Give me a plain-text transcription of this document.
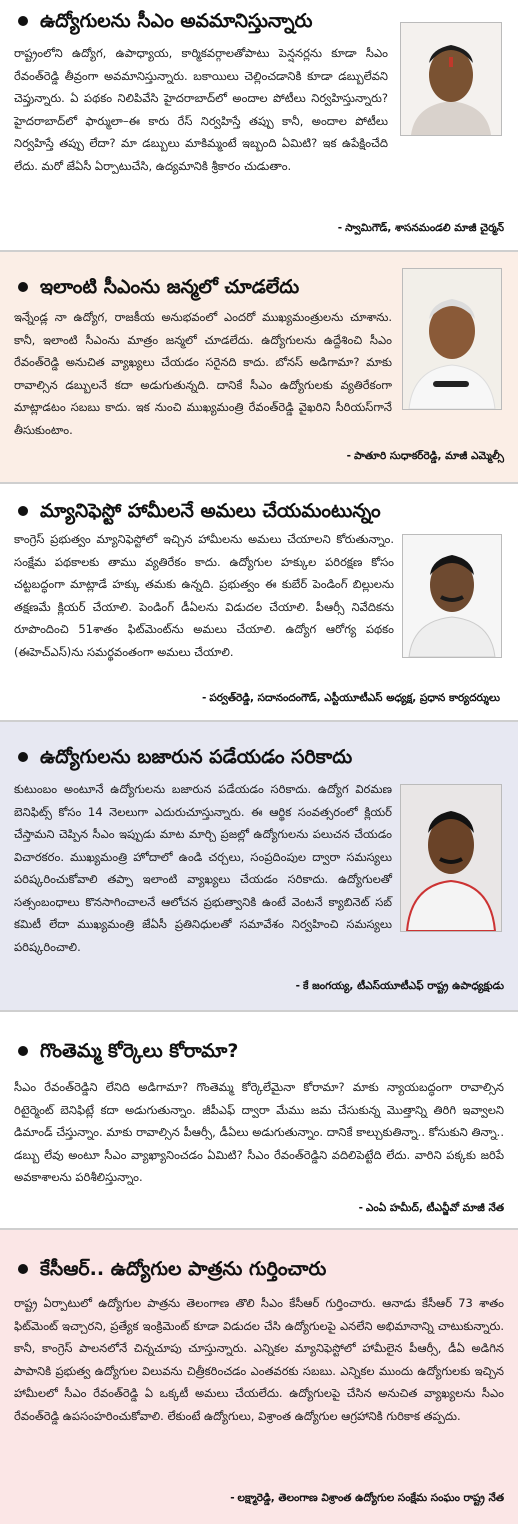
ఉద్యోగులను సీఎం అవమానిస్తున్నారు
రాష్ట్రంలోని ఉద్యోగ, ఉపాధ్యాయ, కార్మికవర్గాలతోపాటు పెన్షనర్లను కూడా సీఎం రేవంత్‌రెడ్డి తీవ్రంగా అవమానిస్తున్నారు. బకాయిలు చెల్లించడానికి కూడా డబ్బులేవని చెప్తున్నారు. ఏ పథకం నిలిపివేసి హైదరాబాద్‌లో అందాల పోటీలు నిర్వహిస్తున్నారు? హైదరాబాద్‌లో ఫార్ములా–ఈ కారు రేస్ నిర్వహిస్తే తప్పు కానీ, అందాల పోటీలు నిర్వహిస్తే తప్పు లేదా? మా డబ్బులు మాకిమ్మంటే ఇబ్బంది ఏమిటి? ఇక ఉపేక్షించేది లేదు. మరో జేఏసీ ఏర్పాటుచేసి, ఉద్యమానికి శ్రీకారం చుడుతాం.
- స్వామిగౌడ్, శాసనమండలి మాజీ చైర్మన్
ఇలాంటి సీఎంను జన్మలో చూడలేదు
ఇన్నేండ్ల నా ఉద్యోగ, రాజకీయ అనుభవంలో ఎందరో ముఖ్యమంత్రులను చూశాను. కానీ, ఇలాంటి సీఎంను మాత్రం జన్మలో చూడలేదు. ఉద్యోగులను ఉద్దేశించి సీఎం రేవంత్‌రెడ్డి అనుచిత వ్యాఖ్యలు చేయడం సరైనది కాదు. బోనస్ అడిగామా? మాకు రావాల్సిన డబ్బులనే కదా అడుగుతున్నది. దానికే సీఎం ఉద్యోగులకు వ్యతిరేకంగా మాట్లాడటం సబబు కాదు. ఇక నుంచి ముఖ్యమంత్రి రేవంత్‌రెడ్డి వైఖరిని సీరియస్‌గానే తీసుకుంటాం.
- పాతూరి సుధాకర్‌రెడ్డి, మాజీ ఎమ్మెల్సీ
మ్యానిఫెస్టో హామీలనే అమలు చేయమంటున్నం
కాంగ్రెస్ ప్రభుత్వం మ్యానిఫెస్టోలో ఇచ్చిన హామీలను అమలు చేయాలని కోరుతున్నాం. సంక్షేమ పథకాలకు తాము వ్యతిరేకం కాదు. ఉద్యోగుల హక్కుల పరిరక్షణ కోసం చట్టబద్ధంగా మాట్లాడే హక్కు తమకు ఉన్నది. ప్రభుత్వం ఈ కుబేర్ పెండింగ్ బిల్లులను తక్షణమే క్లియర్ చేయాలి. పెండింగ్ డీఏలను విడుదల చేయాలి. పీఆర్సీ నివేదికను రూపొందించి 51శాతం ఫిట్‌మెంట్‌ను అమలు చేయాలి. ఉద్యోగ ఆరోగ్య పథకం (ఈహెచ్‌ఎస్)ను సమర్థవంతంగా అమలు చేయాలి.
- పర్వత్‌రెడ్డి, సదానందంగౌడ్, ఎస్టీయూటీఎస్ అధ్యక్ష, ప్రధాన కార్యదర్శులు
ఉద్యోగులను బజారున పడేయడం సరికాదు
కుటుంబం అంటూనే ఉద్యోగులను బజారున పడేయడం సరికాదు. ఉద్యోగ విరమణ బెనిఫిట్స్ కోసం 14 నెలలుగా ఎదురుచూస్తున్నారు. ఈ ఆర్థిక సంవత్సరంలో క్లియర్ చేస్తామని చెప్పిన సీఎం ఇప్పుడు మాట మార్చి ప్రజల్లో ఉద్యోగులను పలుచన చేయడం విచారకరం. ముఖ్యమంత్రి హోదాలో ఉండి చర్చలు, సంప్రదింపుల ద్వారా సమస్యలు పరిష్కరించుకోవాలి తప్పా ఇలాంటి వ్యాఖ్యలు చేయడం సరికాదు. ఉద్యోగులతో సత్సంబంధాలు కొనసాగించాలనే ఆలోచన ప్రభుత్వానికి ఉంటే వెంటనే క్యాబినెట్ సబ్ కమిటీ లేదా ముఖ్యమంత్రి జేఏసీ ప్రతినిధులతో సమావేశం నిర్వహించి సమస్యలు పరిష్కరించాలి.
- కే జంగయ్య, టీఎస్‌యూటీఎఫ్ రాష్ట్ర ఉపాధ్యక్షుడు
గొంతెమ్మ కోర్కెలు కోరామా?
సీఎం రేవంత్‌రెడ్డిని లేనిది అడిగామా? గొంతెమ్మ కోర్కెలేమైనా కోరామా? మాకు న్యాయబద్ధంగా రావాల్సిన రిటైర్మెంట్ బెనిఫిట్లే కదా అడుగుతున్నాం. జీపీఎఫ్ ద్వారా మేము జమ చేసుకున్న మొత్తాన్ని తిరిగి ఇవ్వాలని డిమాండ్ చేస్తున్నాం. మాకు రావాల్సిన పీఆర్సీ, డీఏలు అడుగుతున్నాం. దానికే కాల్చుకుతిన్నా.. కోసుకుని తిన్నా.. డబ్బు లేవు అంటూ సీఎం వ్యాఖ్యానించడం ఏమిటి? సీఎం రేవంత్‌రెడ్డిని వదిలిపెట్టేది లేదు. వారిని పక్కకు జరిపే అవకాశాలను పరిశీలిస్తున్నాం.
- ఎంఏ హమీద్, టీఎన్జీవో మాజీ నేత
కేసీఆర్.. ఉద్యోగుల పాత్రను గుర్తించారు
రాష్ట్ర ఏర్పాటులో ఉద్యోగుల పాత్రను తెలంగాణ తొలి సీఎం కేసీఆర్ గుర్తించారు. ఆనాడు కేసీఆర్ 73 శాతం ఫిట్‌మెంట్ ఇచ్చారని, ప్రత్యేక ఇంక్రిమెంట్ కూడా విడుదల చేసి ఉద్యోగులపై ఎనలేని అభిమానాన్ని చాటుకున్నారు. కానీ, కాంగ్రెస్ పాలనలోనే చిన్నచూపు చూస్తున్నారు. ఎన్నికల మ్యానిఫెస్టోలో హామీలైన పీఆర్సీ, డీఏ అడిగిన పాపానికి ప్రభుత్వ ఉద్యోగుల విలువను చిత్రీకరించడం ఎంతవరకు సబబు. ఎన్నికల ముందు ఉద్యోగులకు ఇచ్చిన హామీలలో సీఎం రేవంత్‌రెడ్డి ఏ ఒక్కటీ అమలు చేయలేదు. ఉద్యోగులపై చేసిన అనుచిత వ్యాఖ్యలను సీఎం రేవంత్‌రెడ్డి ఉపసంహరించుకోవాలి. లేకుంటే ఉద్యోగులు, విశ్రాంత ఉద్యోగుల ఆగ్రహానికి గురికాక తప్పదు.
- లక్ష్మారెడ్డి, తెలంగాణ విశ్రాంత ఉద్యోగుల సంక్షేమ సంఘం రాష్ట్ర నేత
